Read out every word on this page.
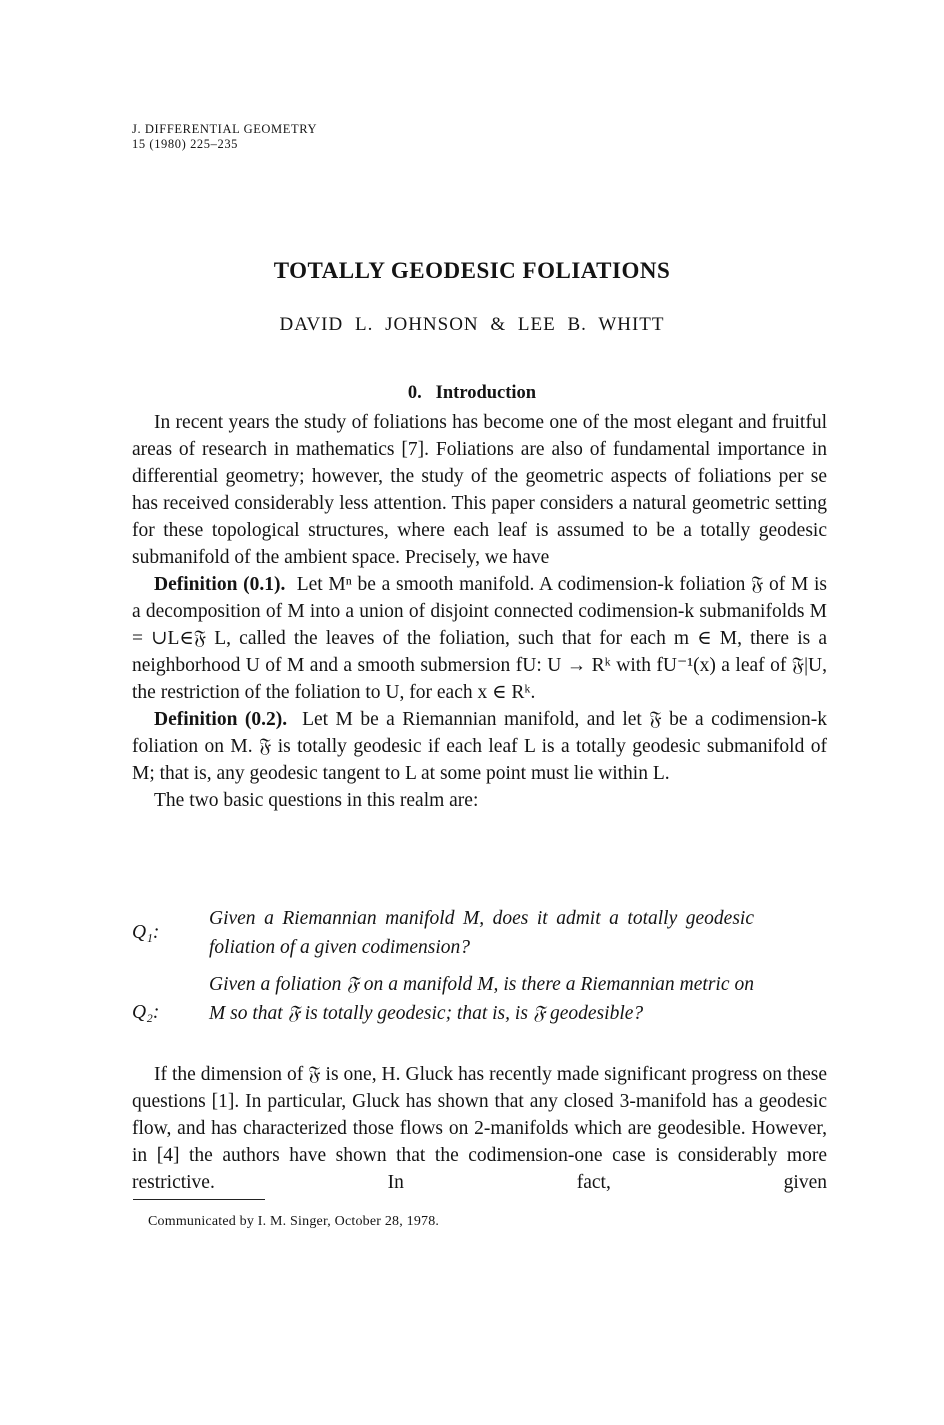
J. DIFFERENTIAL GEOMETRY
15 (1980) 225–235
TOTALLY GEODESIC FOLIATIONS
DAVID L. JOHNSON & LEE B. WHITT
0. Introduction

In recent years the study of foliations has become one of the most elegant and fruitful areas of research in mathematics [7]. Foliations are also of fundamental importance in differential geometry; however, the study of the geometric aspects of foliations per se has received considerably less attention. This paper considers a natural geometric setting for these topological structures, where each leaf is assumed to be a totally geodesic submanifold of the ambient space. Precisely, we have

Definition (0.1). Let Mⁿ be a smooth manifold. A codimension-k foliation 𝔉 of M is a decomposition of M into a union of disjoint connected codimension-k submanifolds M = ∪L∈𝔉 L, called the leaves of the foliation, such that for each m ∈ M, there is a neighborhood U of M and a smooth submersion fU: U → Rᵏ with fU⁻¹(x) a leaf of 𝔉|U, the restriction of the foliation to U, for each x ∈ Rᵏ.

Definition (0.2). Let M be a Riemannian manifold, and let 𝔉 be a codimension-k foliation on M. 𝔉 is totally geodesic if each leaf L is a totally geodesic submanifold of M; that is, any geodesic tangent to L at some point must lie within L.

The two basic questions in this realm are:

Q₁:
Given a Riemannian manifold M, does it admit a totally geodesic foliation of a given codimension?
Q₂:
Given a foliation 𝔉 on a manifold M, is there a Riemannian metric on M so that 𝔉 is totally geodesic; that is, is 𝔉 geodesible?

If the dimension of 𝔉 is one, H. Gluck has recently made significant progress on these questions [1]. In particular, Gluck has shown that any closed 3-manifold has a geodesic flow, and has characterized those flows on 2-manifolds which are geodesible. However, in [4] the authors have shown that the codimension-one case is considerably more restrictive. In fact, given

Communicated by I. M. Singer, October 28, 1978.
